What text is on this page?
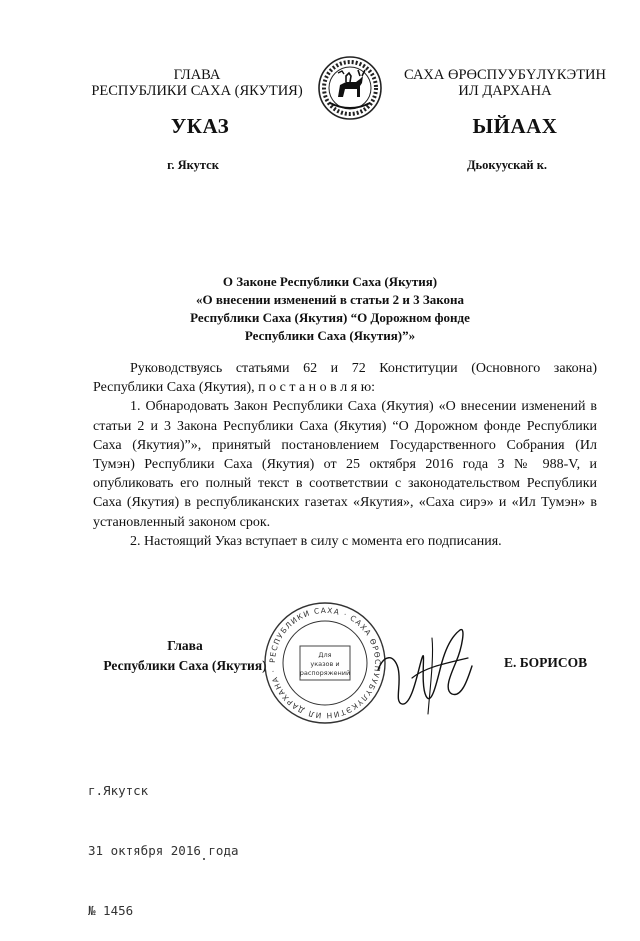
ГЛАВА
РЕСПУБЛИКИ САХА (ЯКУТИЯ)
САХА ӨРӨСПУУБҮЛҮКЭТИН
ИЛ ДАРХАНА
УКАЗ	ЫЙААХ
г. Якутск	Дьокуускай к.
О Законе Республики Саха (Якутия)
«О внесении изменений в статьи 2 и 3 Закона
Республики Саха (Якутия) “О Дорожном фонде
Республики Саха (Якутия)”»

Руководствуясь статьями 62 и 72 Конституции (Основного закона) Республики Саха (Якутия), п о с т а н о в л я ю:

1. Обнародовать Закон Республики Саха (Якутия) «О внесении изменений в статьи 2 и 3 Закона Республики Саха (Якутия) “О Дорожном фонде Республики Саха (Якутия)”», принятый постановлением Государственного Собрания (Ил Тумэн) Республики Саха (Якутия) от 25 октября 2016 года З № 988-V, и опубликовать его полный текст в соответствии с законодательством Республики Саха (Якутия) в республиканских газетах «Якутия», «Саха сирэ» и «Ил Тумэн» в установленный законом срок.

2. Настоящий Указ вступает в силу с момента его подписания.

Глава
Республики Саха (Якутия) РЕСПУБЛИКИ САХА · САХА ӨРӨСПУУБҮЛҮКЭТИН ИЛ ДАРХАНА ·
Для
указов и
распоряжений
Е. БОРИСОВ

г.Якутск

31 октября 2016 года

№ 1456
